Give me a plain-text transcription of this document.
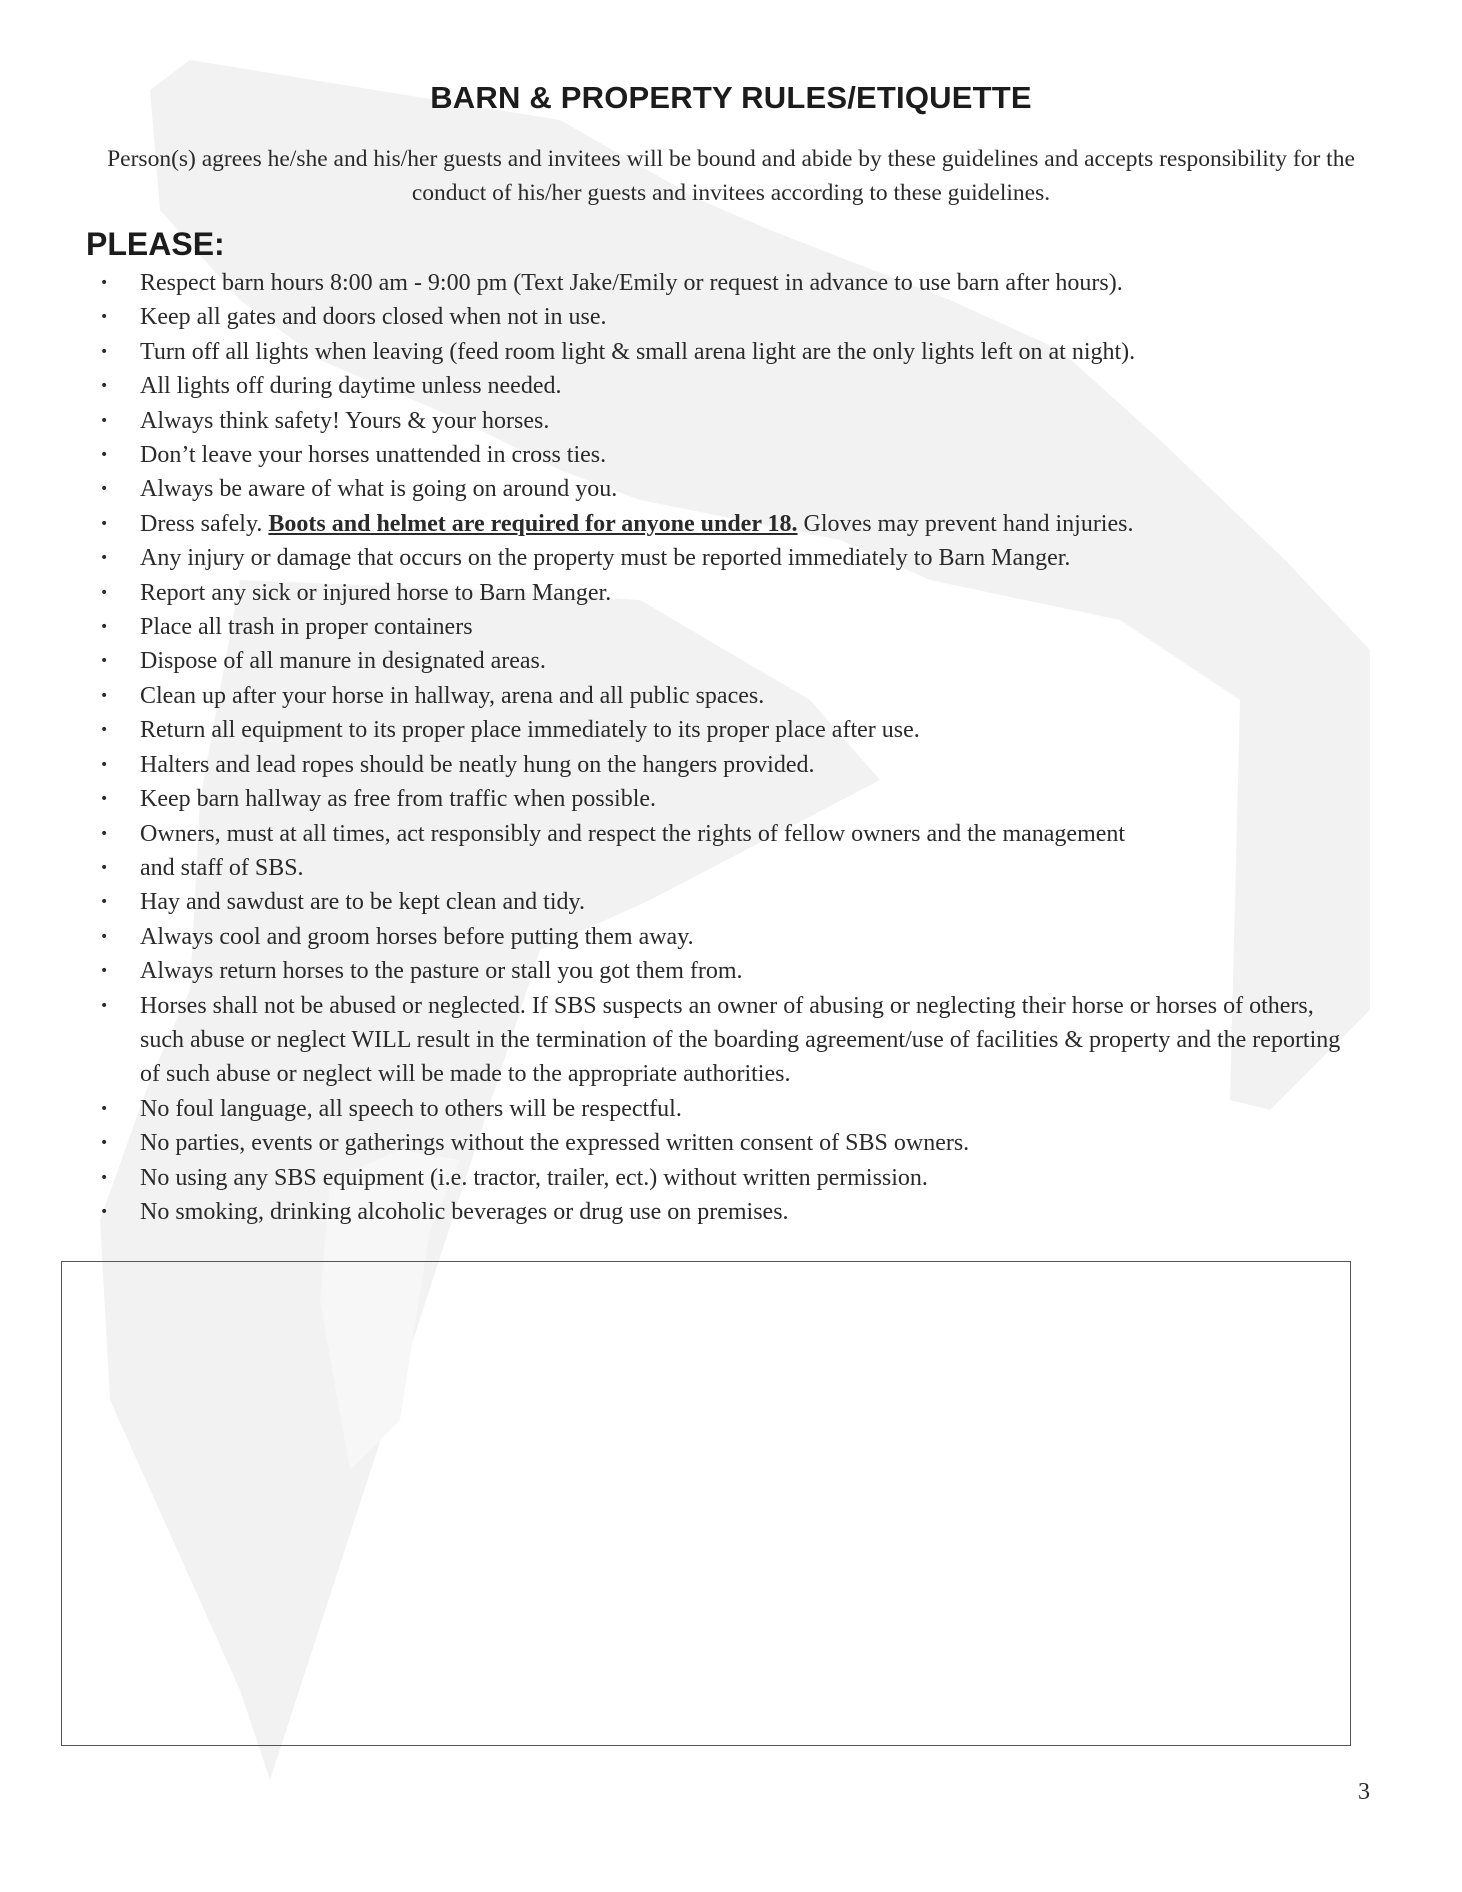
BARN & PROPERTY RULES/ETIQUETTE

Person(s) agrees he/she and his/her guests and invitees will be bound and abide by these guidelines and accepts responsibility for the conduct of his/her guests and invitees according to these guidelines.

PLEASE:
• Respect barn hours 8:00 am - 9:00 pm (Text Jake/Emily or request in advance to use barn after hours).
• Keep all gates and doors closed when not in use.
• Turn off all lights when leaving (feed room light & small arena light are the only lights left on at night).
• All lights off during daytime unless needed.
• Always think safety! Yours & your horses.
• Don’t leave your horses unattended in cross ties.
• Always be aware of what is going on around you.
• Dress safely. Boots and helmet are required for anyone under 18. Gloves may prevent hand injuries.
• Any injury or damage that occurs on the property must be reported immediately to Barn Manger.
• Report any sick or injured horse to Barn Manger.
• Place all trash in proper containers
• Dispose of all manure in designated areas.
• Clean up after your horse in hallway, arena and all public spaces.
• Return all equipment to its proper place immediately to its proper place after use.
• Halters and lead ropes should be neatly hung on the hangers provided.
• Keep barn hallway as free from traffic when possible.
• Owners, must at all times, act responsibly and respect the rights of fellow owners and the management
• and staff of SBS.
• Hay and sawdust are to be kept clean and tidy.
• Always cool and groom horses before putting them away.
• Always return horses to the pasture or stall you got them from.
• Horses shall not be abused or neglected. If SBS suspects an owner of abusing or neglecting their horse or horses of others, such abuse or neglect WILL result in the termination of the boarding agreement/use of facilities & property and the reporting of such abuse or neglect will be made to the appropriate authorities.
• No foul language, all speech to others will be respectful.
• No parties, events or gatherings without the expressed written consent of SBS owners.
• No using any SBS equipment (i.e. tractor, trailer, ect.) without written permission.
• No smoking, drinking alcoholic beverages or drug use on premises.

3
